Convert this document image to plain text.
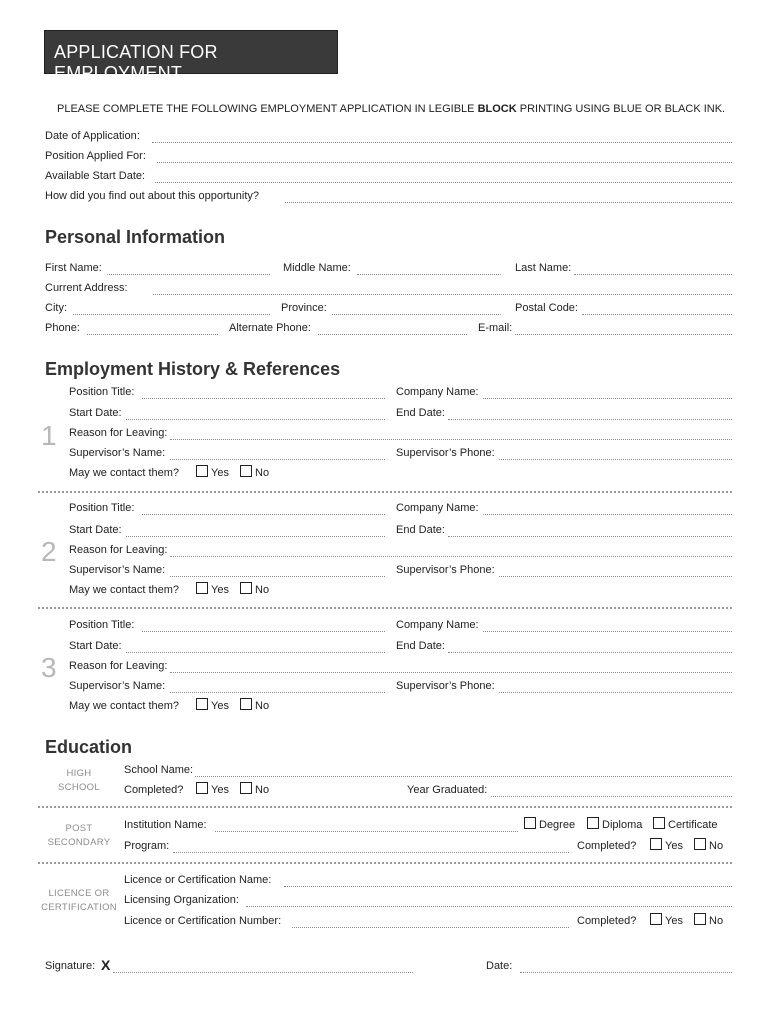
APPLICATION FOR EMPLOYMENT
PLEASE COMPLETE THE FOLLOWING EMPLOYMENT APPLICATION IN LEGIBLE BLOCK PRINTING USING BLUE OR BLACK INK.
Date of Application:
Position Applied For:
Available Start Date:
How did you find out about this opportunity?
Personal Information
First Name:	Middle Name:	Last Name:
Current Address:
City:	Province:	Postal Code:
Phone:	Alternate Phone:	E-mail:
Employment History & References
Position Title:	Company Name:
Start Date:	End Date:
1 Reason for Leaving:
Supervisor’s Name:	Supervisor’s Phone:
May we contact them?	Yes No
Position Title:	Company Name:
Start Date:	End Date:
2 Reason for Leaving:
Supervisor’s Name:	Supervisor’s Phone:
May we contact them?	Yes No
Position Title:	Company Name:
Start Date:	End Date:
3 Reason for Leaving:
Supervisor’s Name:	Supervisor’s Phone:
May we contact them?	Yes No
Education
HIGH
SCHOOL
School Name:
Completed?	Yes No	Year Graduated:
POST
SECONDARY
Institution Name:	Degree Diploma Certificate
Program:	Completed?	Yes No
LICENCE OR
CERTIFICATION
Licence or Certification Name:
Licensing Organization:
Licence or Certification Number:	Completed?	Yes No
Signature: X	Date:
